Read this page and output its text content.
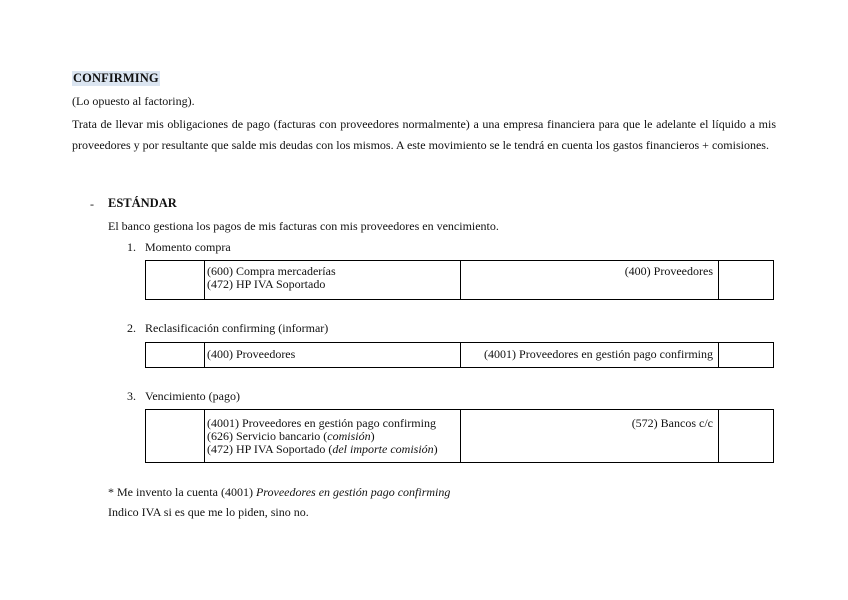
CONFIRMING
(Lo opuesto al factoring).
Trata de llevar mis obligaciones de pago (facturas con proveedores normalmente) a una empresa financiera para que le adelante el líquido a mis proveedores y por resultante que salde mis deudas con los mismos. A este movimiento se le tendrá en cuenta los gastos financieros + comisiones.
- ESTÁNDAR
El banco gestiona los pagos de mis facturas con mis proveedores en vencimiento.
1. Momento compra
(600) Compra mercaderías
(472) HP IVA Soportado
(400) Proveedores
2. Reclasificación confirming (informar)
(400) Proveedores	(4001) Proveedores en gestión pago confirming
3. Vencimiento (pago)
(4001) Proveedores en gestión pago confirming
(626) Servicio bancario (comisión)
(472) HP IVA Soportado (del importe comisión)
(572) Bancos c/c
* Me invento la cuenta (4001) Proveedores en gestión pago confirming
Indico IVA si es que me lo piden, sino no.
